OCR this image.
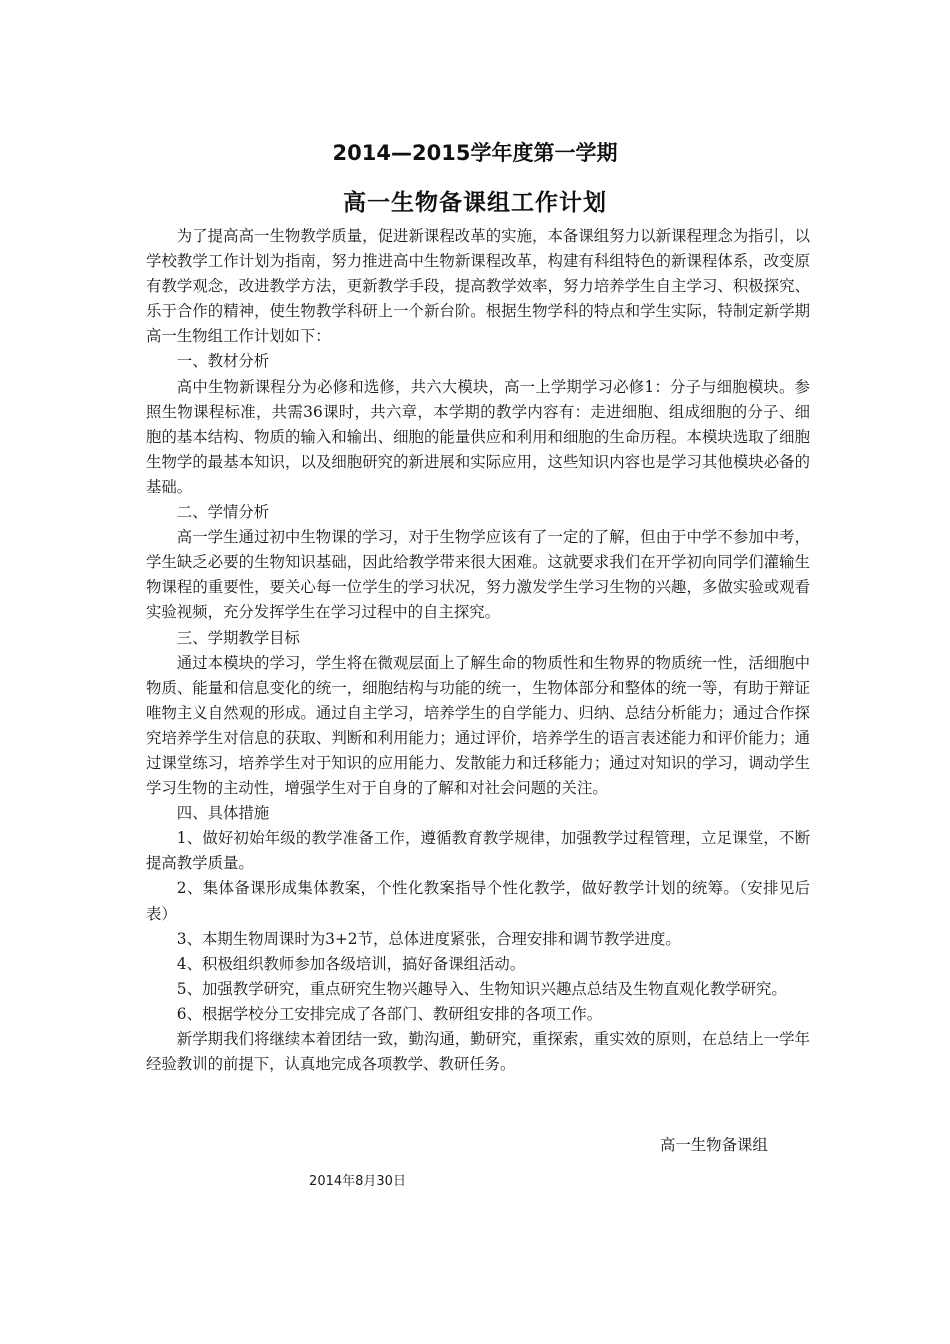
2014—2015学年度第一学期
高一生物备课组工作计划

为了提高高一生物教学质量，促进新课程改革的实施，本备课组努力以新课程理念为指引，以学校教学工作计划为指南，努力推进高中生物新课程改革，构建有科组特色的新课程体系，改变原有教学观念，改进教学方法，更新教学手段，提高教学效率，努力培养学生自主学习、积极探究、乐于合作的精神，使生物教学科研上一个新台阶。根据生物学科的特点和学生实际，特制定新学期高一生物组工作计划如下：

一、教材分析

高中生物新课程分为必修和选修，共六大模块，高一上学期学习必修1：分子与细胞模块。参照生物课程标准，共需36课时，共六章，本学期的教学内容有：走进细胞、组成细胞的分子、细胞的基本结构、物质的输入和输出、细胞的能量供应和利用和细胞的生命历程。本模块选取了细胞生物学的最基本知识，以及细胞研究的新进展和实际应用，这些知识内容也是学习其他模块必备的基础。

二、学情分析

高一学生通过初中生物课的学习，对于生物学应该有了一定的了解，但由于中学不参加中考，学生缺乏必要的生物知识基础，因此给教学带来很大困难。这就要求我们在开学初向同学们灌输生物课程的重要性，要关心每一位学生的学习状况，努力激发学生学习生物的兴趣，多做实验或观看实验视频，充分发挥学生在学习过程中的自主探究。

三、学期教学目标

通过本模块的学习，学生将在微观层面上了解生命的物质性和生物界的物质统一性，活细胞中物质、能量和信息变化的统一，细胞结构与功能的统一，生物体部分和整体的统一等，有助于辩证唯物主义自然观的形成。通过自主学习，培养学生的自学能力、归纳、总结分析能力；通过合作探究培养学生对信息的获取、判断和利用能力；通过评价，培养学生的语言表述能力和评价能力；通过课堂练习，培养学生对于知识的应用能力、发散能力和迁移能力；通过对知识的学习，调动学生学习生物的主动性，增强学生对于自身的了解和对社会问题的关注。

四、具体措施

1、做好初始年级的教学准备工作，遵循教育教学规律，加强教学过程管理，立足课堂，不断提高教学质量。

2、集体备课形成集体教案，个性化教案指导个性化教学，做好教学计划的统筹。（安排见后表）

3、本期生物周课时为3+2节，总体进度紧张，合理安排和调节教学进度。

4、积极组织教师参加各级培训，搞好备课组活动。

5、加强教学研究，重点研究生物兴趣导入、生物知识兴趣点总结及生物直观化教学研究。

6、根据学校分工安排完成了各部门、教研组安排的各项工作。

新学期我们将继续本着团结一致，勤沟通，勤研究，重探索，重实效的原则，在总结上一学年经验教训的前提下，认真地完成各项教学、教研任务。

高一生物备课组
2014年8月30日
